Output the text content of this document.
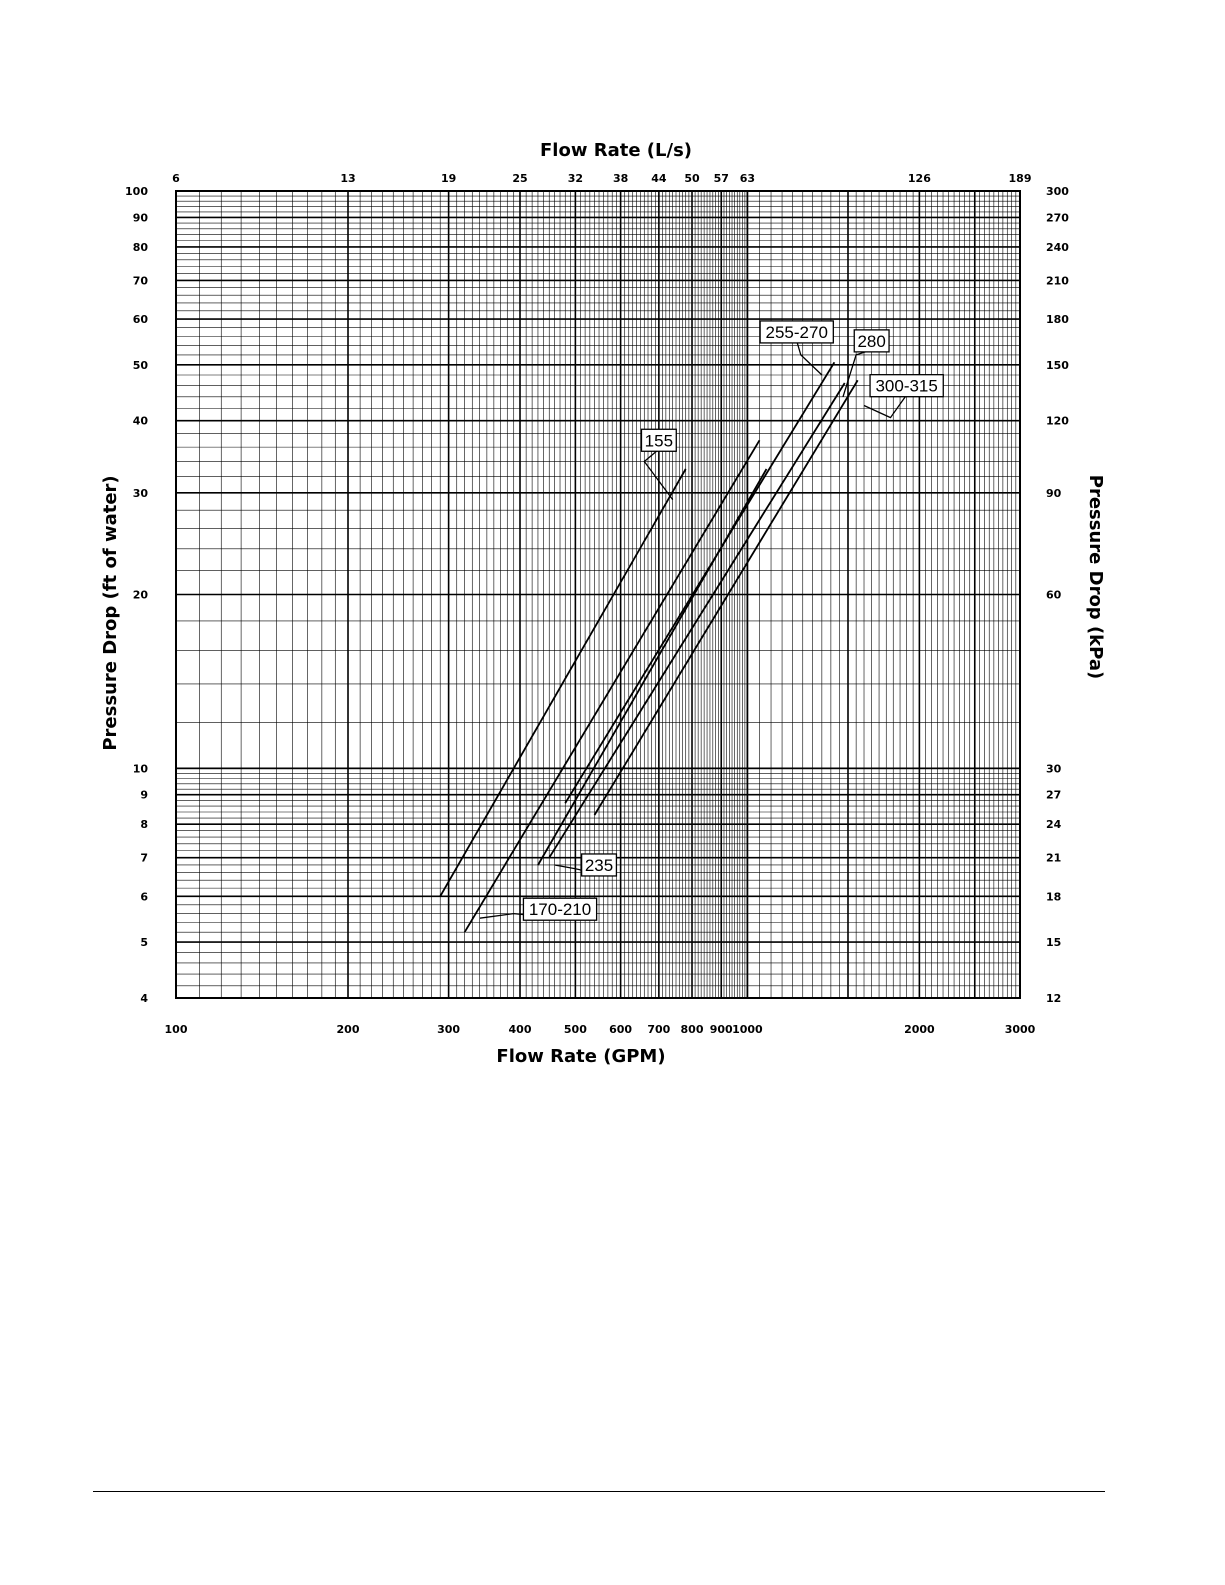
155
255-270 280
300-315
235
170-210
100	200	300	400	500 600 700 800 900 1000	2000	3000
6	13	19	25	32	38 44 50 57 63	126	189
4
5
6
7
8
9
10
20
30
40
50
60
70
80
90
100
12
15
18
21
24
27
30
60
90
120
150
180
210
240
270
300
Flow Rate (L/s)
Flow Rate (GPM)
Pressure Drop (ft of water)	Pressure Drop (kPa)
